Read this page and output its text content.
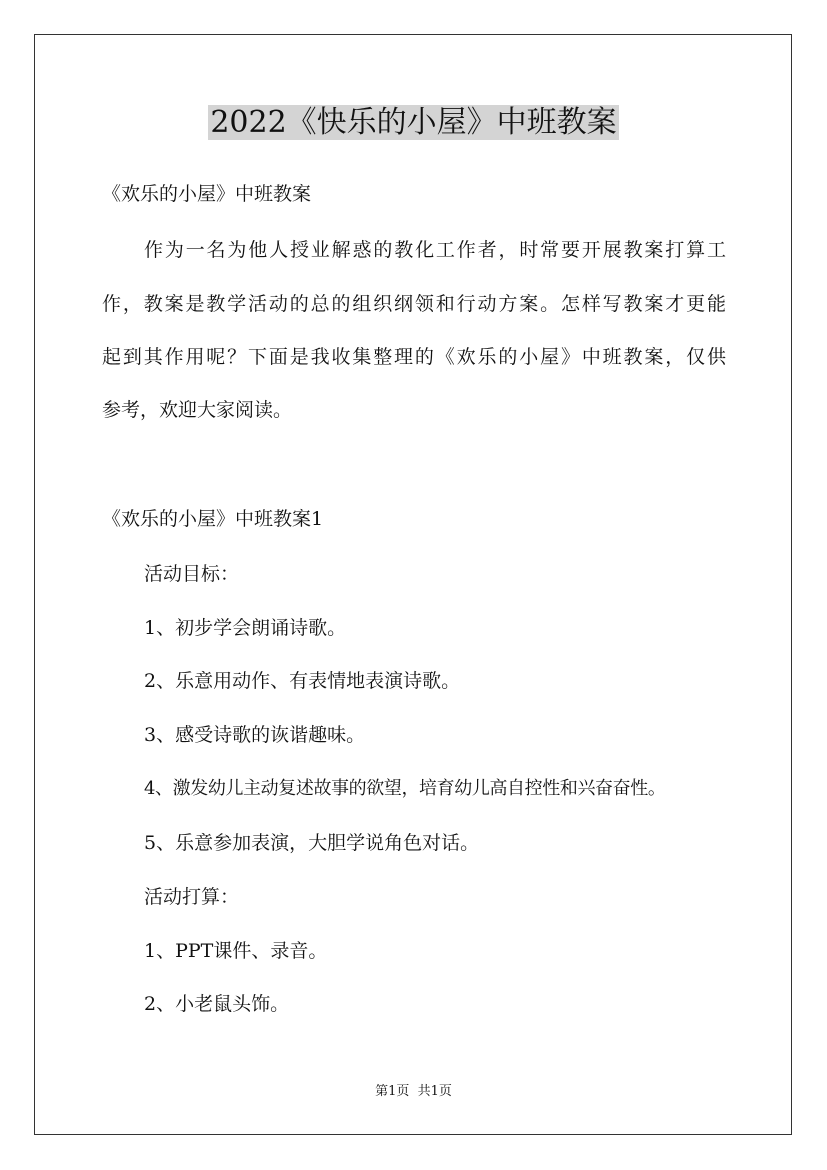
2022《快乐的小屋》中班教案
《欢乐的小屋》中班教案
作为一名为他人授业解惑的教化工作者，时常要开展教案打算工
作，教案是教学活动的总的组织纲领和行动方案。怎样写教案才更能
起到其作用呢？下面是我收集整理的《欢乐的小屋》中班教案，仅供
参考，欢迎大家阅读。
《欢乐的小屋》中班教案1
活动目标：
1、初步学会朗诵诗歌。
2、乐意用动作、有表情地表演诗歌。
3、感受诗歌的诙谐趣味。
4、激发幼儿主动复述故事的欲望，培育幼儿高自控性和兴奋奋性。
5、乐意参加表演，大胆学说角色对话。
活动打算：
1、PPT课件、录音。
2、小老鼠头饰。
第1页 共1页
